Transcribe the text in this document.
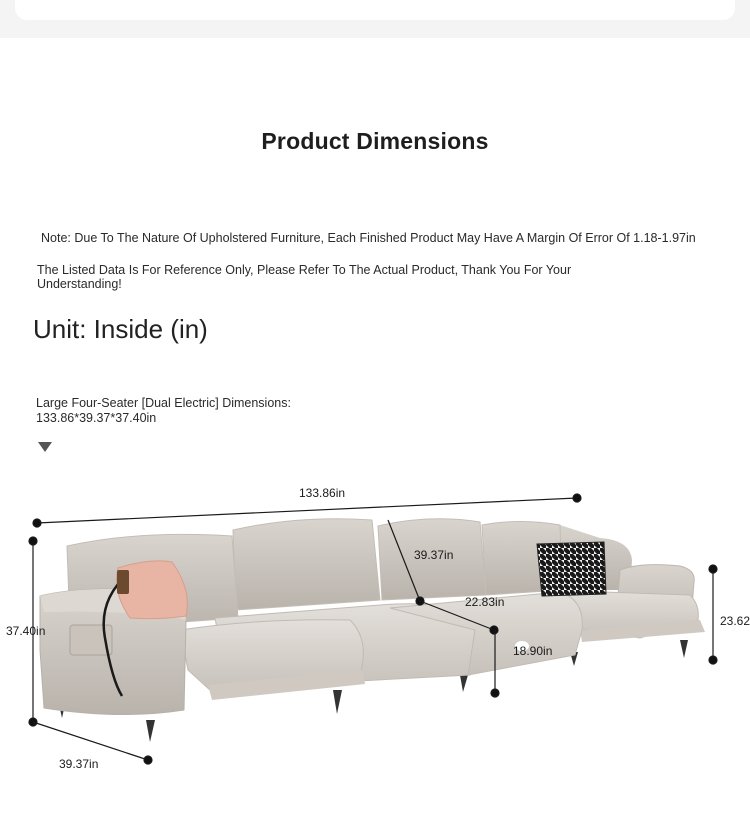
Product Dimensions
Note: Due To The Nature Of Upholstered Furniture, Each Finished Product May Have A Margin Of Error Of 1.18-1.97in
The Listed Data Is For Reference Only, Please Refer To The Actual Product, Thank You For Your Understanding!
Unit: Inside (in)
Large Four-Seater [Dual Electric] Dimensions:
133.86*39.37*37.40in
133.86in
37.40in
39.37in
39.37in
22.83in
18.90in
23.62
